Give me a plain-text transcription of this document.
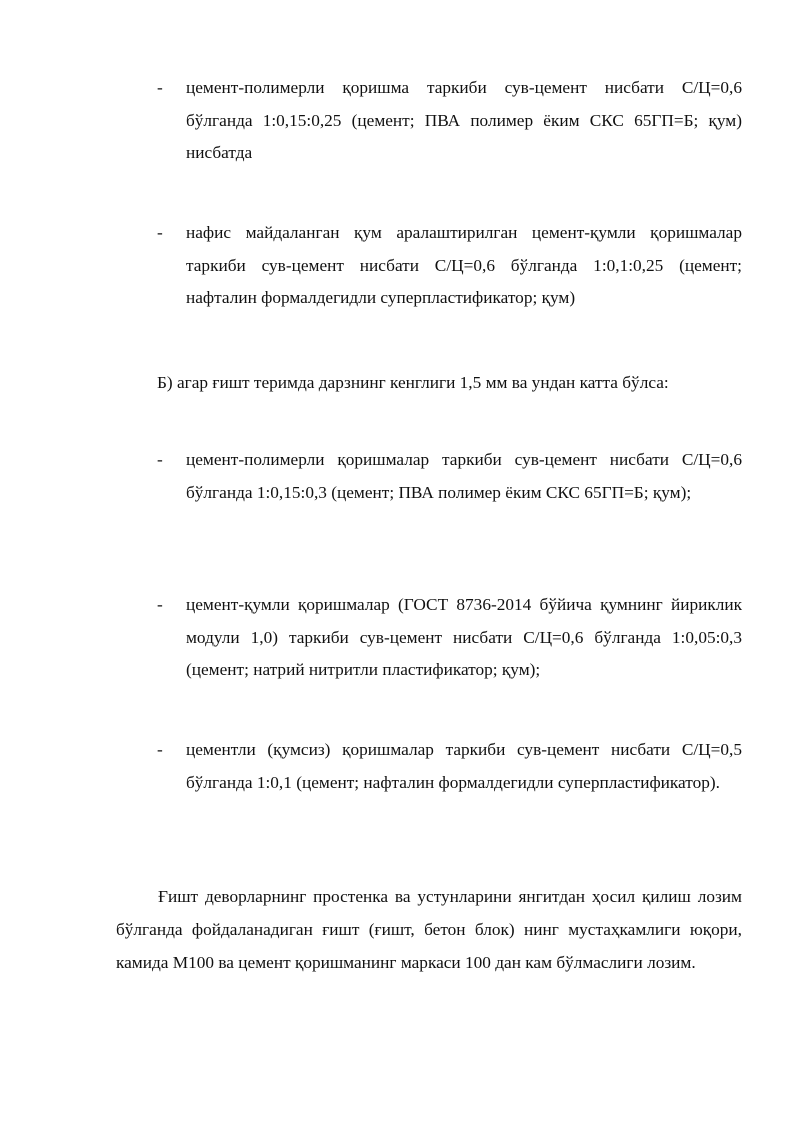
- цемент-полимерли қоришма таркиби сув-цемент нисбати С/Ц=0,6 бўлганда 1:0,15:0,25 (цемент; ПВА полимер ёким СКС 65ГП=Б; қум) нисбатда
- нафис майдаланган қум аралаштирилган цемент-қумли қоришмалар таркиби сув-цемент нисбати С/Ц=0,6 бўлганда 1:0,1:0,25 (цемент; нафталин формалдегидли суперпластификатор; қум)
Б) агар ғишт теримда дарзнинг кенглиги 1,5 мм ва ундан катта бўлса:
- цемент-полимерли қоришмалар таркиби сув-цемент нисбати С/Ц=0,6 бўлганда 1:0,15:0,3 (цемент; ПВА полимер ёким СКС 65ГП=Б; қум);
- цемент-қумли қоришмалар (ГОСТ 8736-2014 бўйича қумнинг йириклик модули 1,0) таркиби сув-цемент нисбати С/Ц=0,6 бўлганда 1:0,05:0,3 (цемент; натрий нитритли пластификатор; қум);
- цементли (қумсиз) қоришмалар таркиби сув-цемент нисбати С/Ц=0,5 бўлганда 1:0,1 (цемент; нафталин формалдегидли суперпластификатор).
Ғишт деворларнинг простенка ва устунларини янгитдан ҳосил қилиш лозим бўлганда фойдаланадиган ғишт (ғишт, бетон блок) нинг мустаҳкамлиги юқори, камида М100 ва цемент қоришманинг маркаси 100 дан кам бўлмаслиги лозим.
